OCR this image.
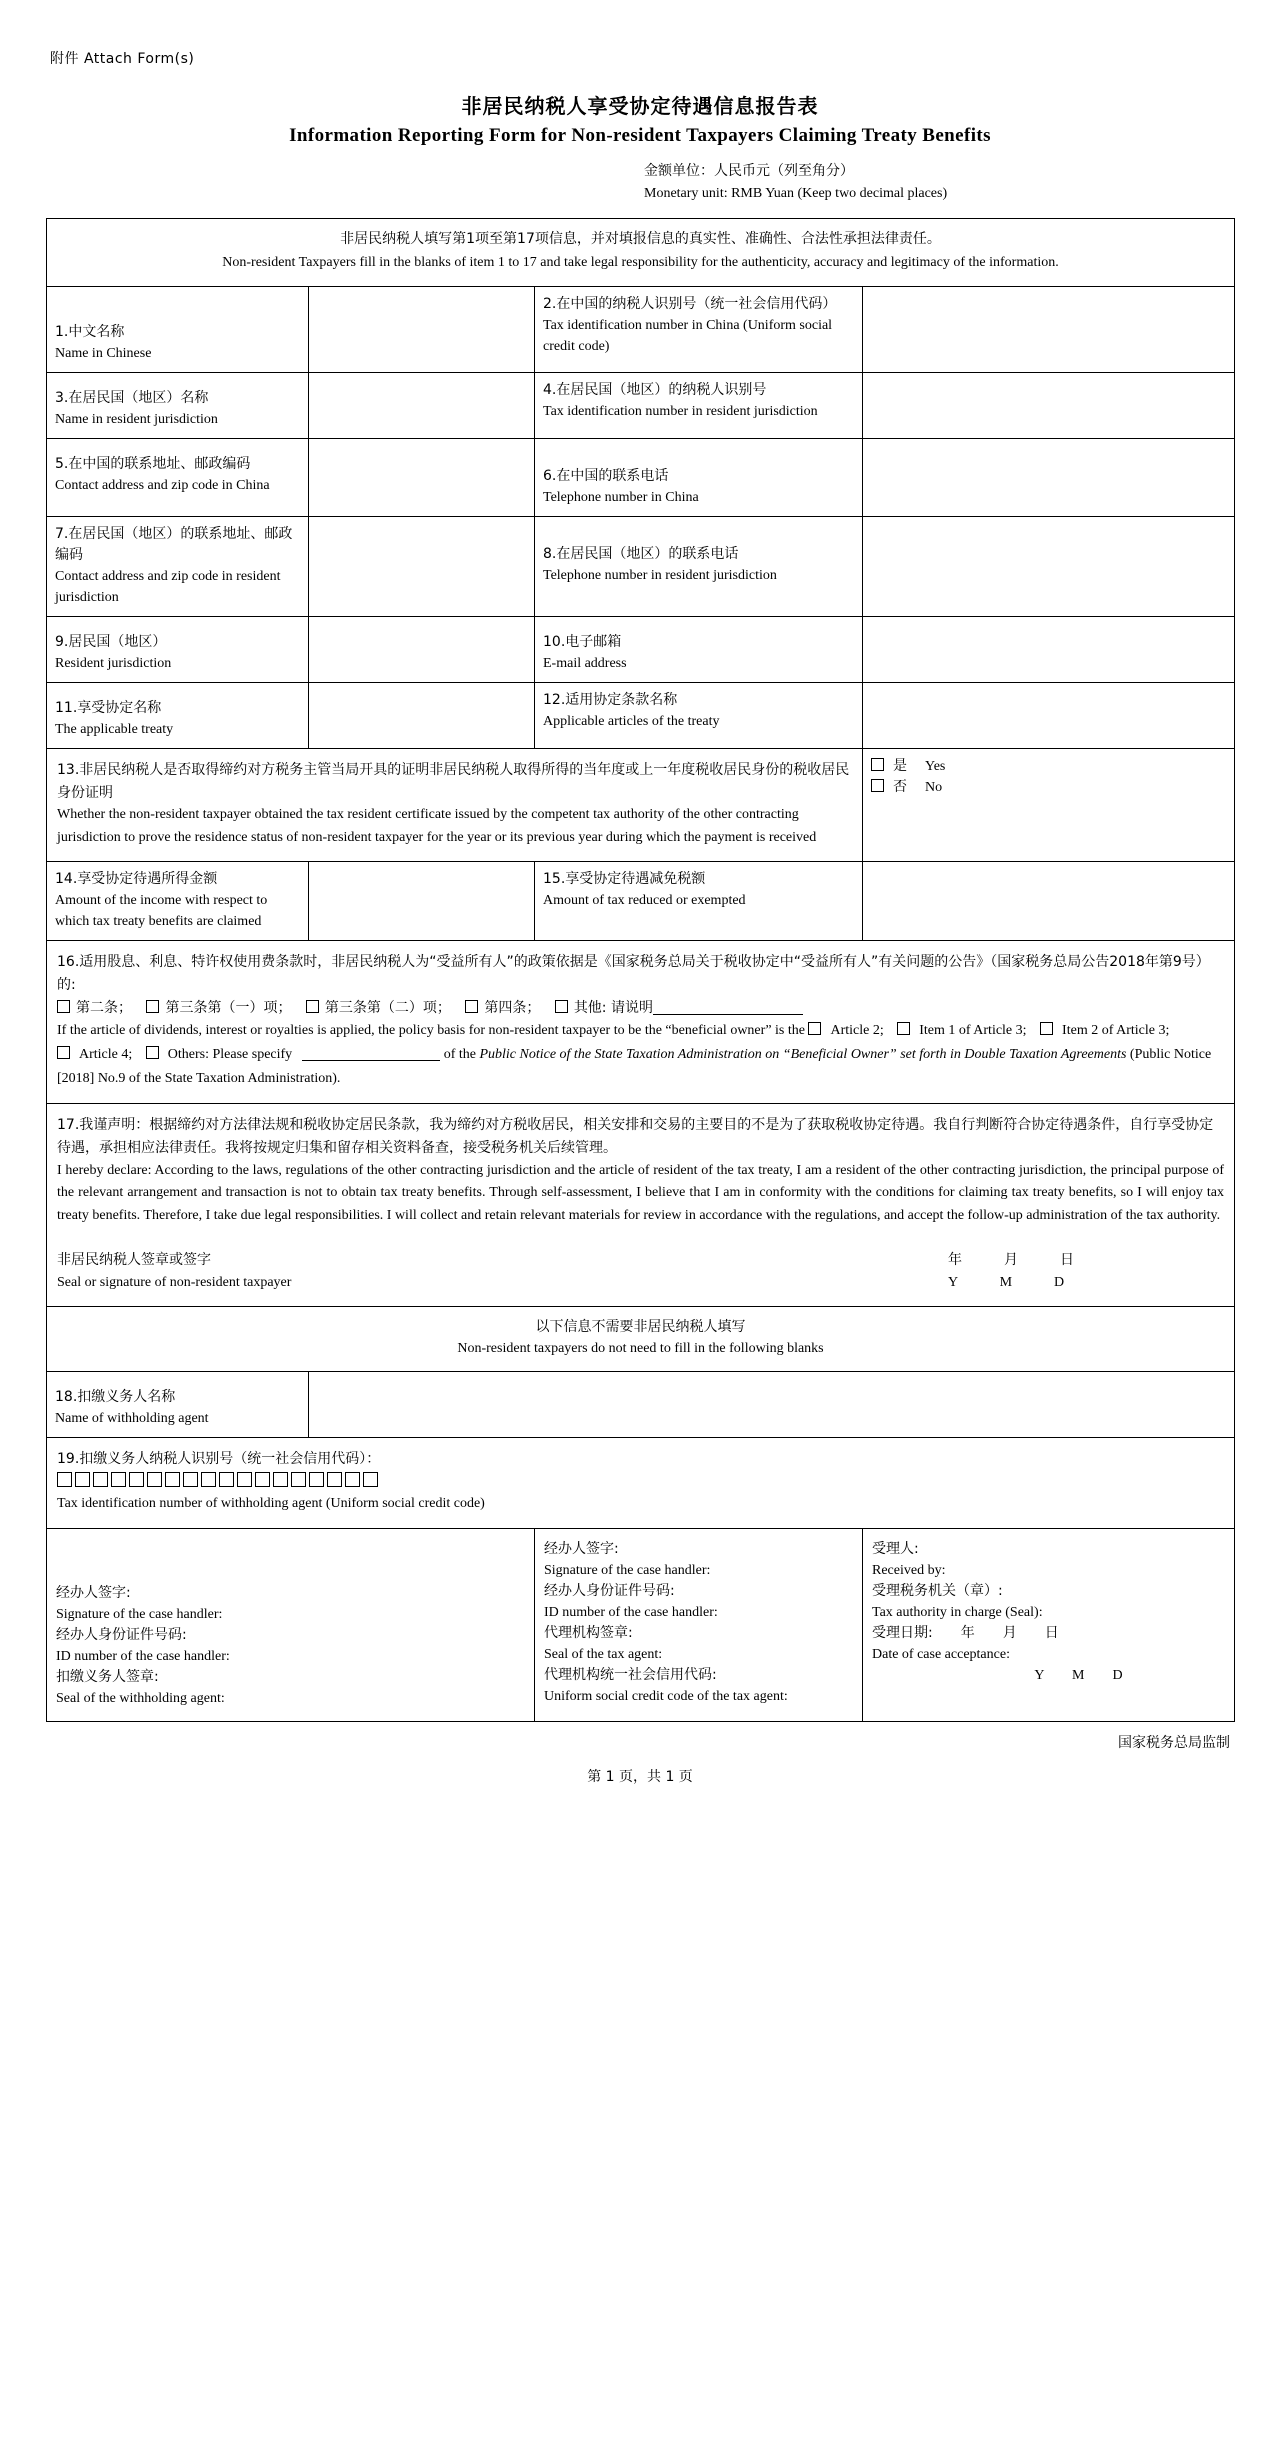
附件 Attach Form(s)
非居民纳税人享受协定待遇信息报告表
Information Reporting Form for Non-resident Taxpayers Claiming Treaty Benefits
金额单位：人民币元（列至角分）
Monetary unit: RMB Yuan (Keep two decimal places)
非居民纳税人填写第1项至第17项信息，并对填报信息的真实性、准确性、合法性承担法律责任。
Non-resident Taxpayers fill in the blanks of item 1 to 17 and take legal responsibility for the authenticity, accuracy and legitimacy of the information.			

1.中文名称
Name in Chinese		2.在中国的纳税人识别号（统一社会信用代码）
Tax identification number in China (Uniform social credit code)	

3.在居民国（地区）名称
Name in resident jurisdiction		4.在居民国（地区）的纳税人识别号
Tax identification number in resident jurisdiction	

5.在中国的联系地址、邮政编码
Contact address and zip code in China		6.在中国的联系电话
Telephone number in China	
7.在居民国（地区）的联系地址、邮政编码
Contact address and zip code in resident jurisdiction		8.在居民国（地区）的联系电话
Telephone number in resident jurisdiction	

9.居民国（地区）
Resident jurisdiction		10.电子邮箱
E-mail address	

11.享受协定名称
The applicable treaty		12.适用协定条款名称
Applicable articles of the treaty	

13.非居民纳税人是否取得缔约对方税务主管当局开具的证明非居民纳税人取得所得的当年度或上一年度税收居民身份的税收居民身份证明
Whether the non-resident taxpayer obtained the tax resident certificate issued by the competent tax authority of the other contracting jurisdiction to prove the residence status of non-resident taxpayer for the year or its previous year during which the payment is received

是 Yes
否 No

14.享受协定待遇所得金额
Amount of the income with respect to which tax treaty benefits are claimed		15.享受协定待遇减免税额
Amount of tax reduced or exempted	

16.适用股息、利息、特许权使用费条款时，非居民纳税人为“受益所有人”的政策依据是《国家税务总局关于税收协定中“受益所有人”有关问题的公告》（国家税务总局公告2018年第9号）的:
第二条； 第三条第（一）项； 第三条第（二）项； 第四条； 其他: 请说明
If the article of dividends, interest or royalties is applied, the policy basis for non-resident taxpayer to be the “beneficial owner” is the Article 2; Item 1 of Article 3; Item 2 of Article 3; Article 4; Others: Please specify of the Public Notice of the State Taxation Administration on “Beneficial Owner” set forth in Double Taxation Agreements (Public Notice [2018] No.9 of the State Taxation Administration).			

17.我谨声明：根据缔约对方法律法规和税收协定居民条款，我为缔约对方税收居民，相关安排和交易的主要目的不是为了获取税收协定待遇。我自行判断符合协定待遇条件，自行享受协定待遇，承担相应法律责任。我将按规定归集和留存相关资料备查，接受税务机关后续管理。
I hereby declare: According to the laws, regulations of the other contracting jurisdiction and the article of resident of the tax treaty, I am a resident of the other contracting jurisdiction, the principal purpose of the relevant arrangement and transaction is not to obtain tax treaty benefits. Through self-assessment, I believe that I am in conformity with the conditions for claiming tax treaty benefits, so I will enjoy tax treaty benefits. Therefore, I take due legal responsibilities. I will collect and retain relevant materials for review in accordance with the regulations, and accept the follow-up administration of the tax authority.
非居民纳税人签章或签字
Seal or signature of non-resident taxpayer
年　　　月　　　日
Y　　　M　　　D

以下信息不需要非居民纳税人填写
Non-resident taxpayers do not need to fill in the following blanks			

18.扣缴义务人名称
Name of withholding agent			

19.扣缴义务人纳税人识别号（统一社会信用代码）：
Tax identification number of withholding agent (Uniform social credit code)			

经办人签字:
Signature of the case handler:
经办人身份证件号码:
ID number of the case handler:
扣缴义务人签章:
Seal of the withholding agent:

经办人签字:
Signature of the case handler:
经办人身份证件号码:
ID number of the case handler:
代理机构签章:
Seal of the tax agent:
代理机构统一社会信用代码:
Uniform social credit code of the tax agent:

受理人:
Received by:
受理税务机关（章）:
Tax authority in charge (Seal):
受理日期:　　年　　月　　日
Date of case acceptance:
Y　　M　　D
国家税务总局监制
第 1 页，共 1 页
